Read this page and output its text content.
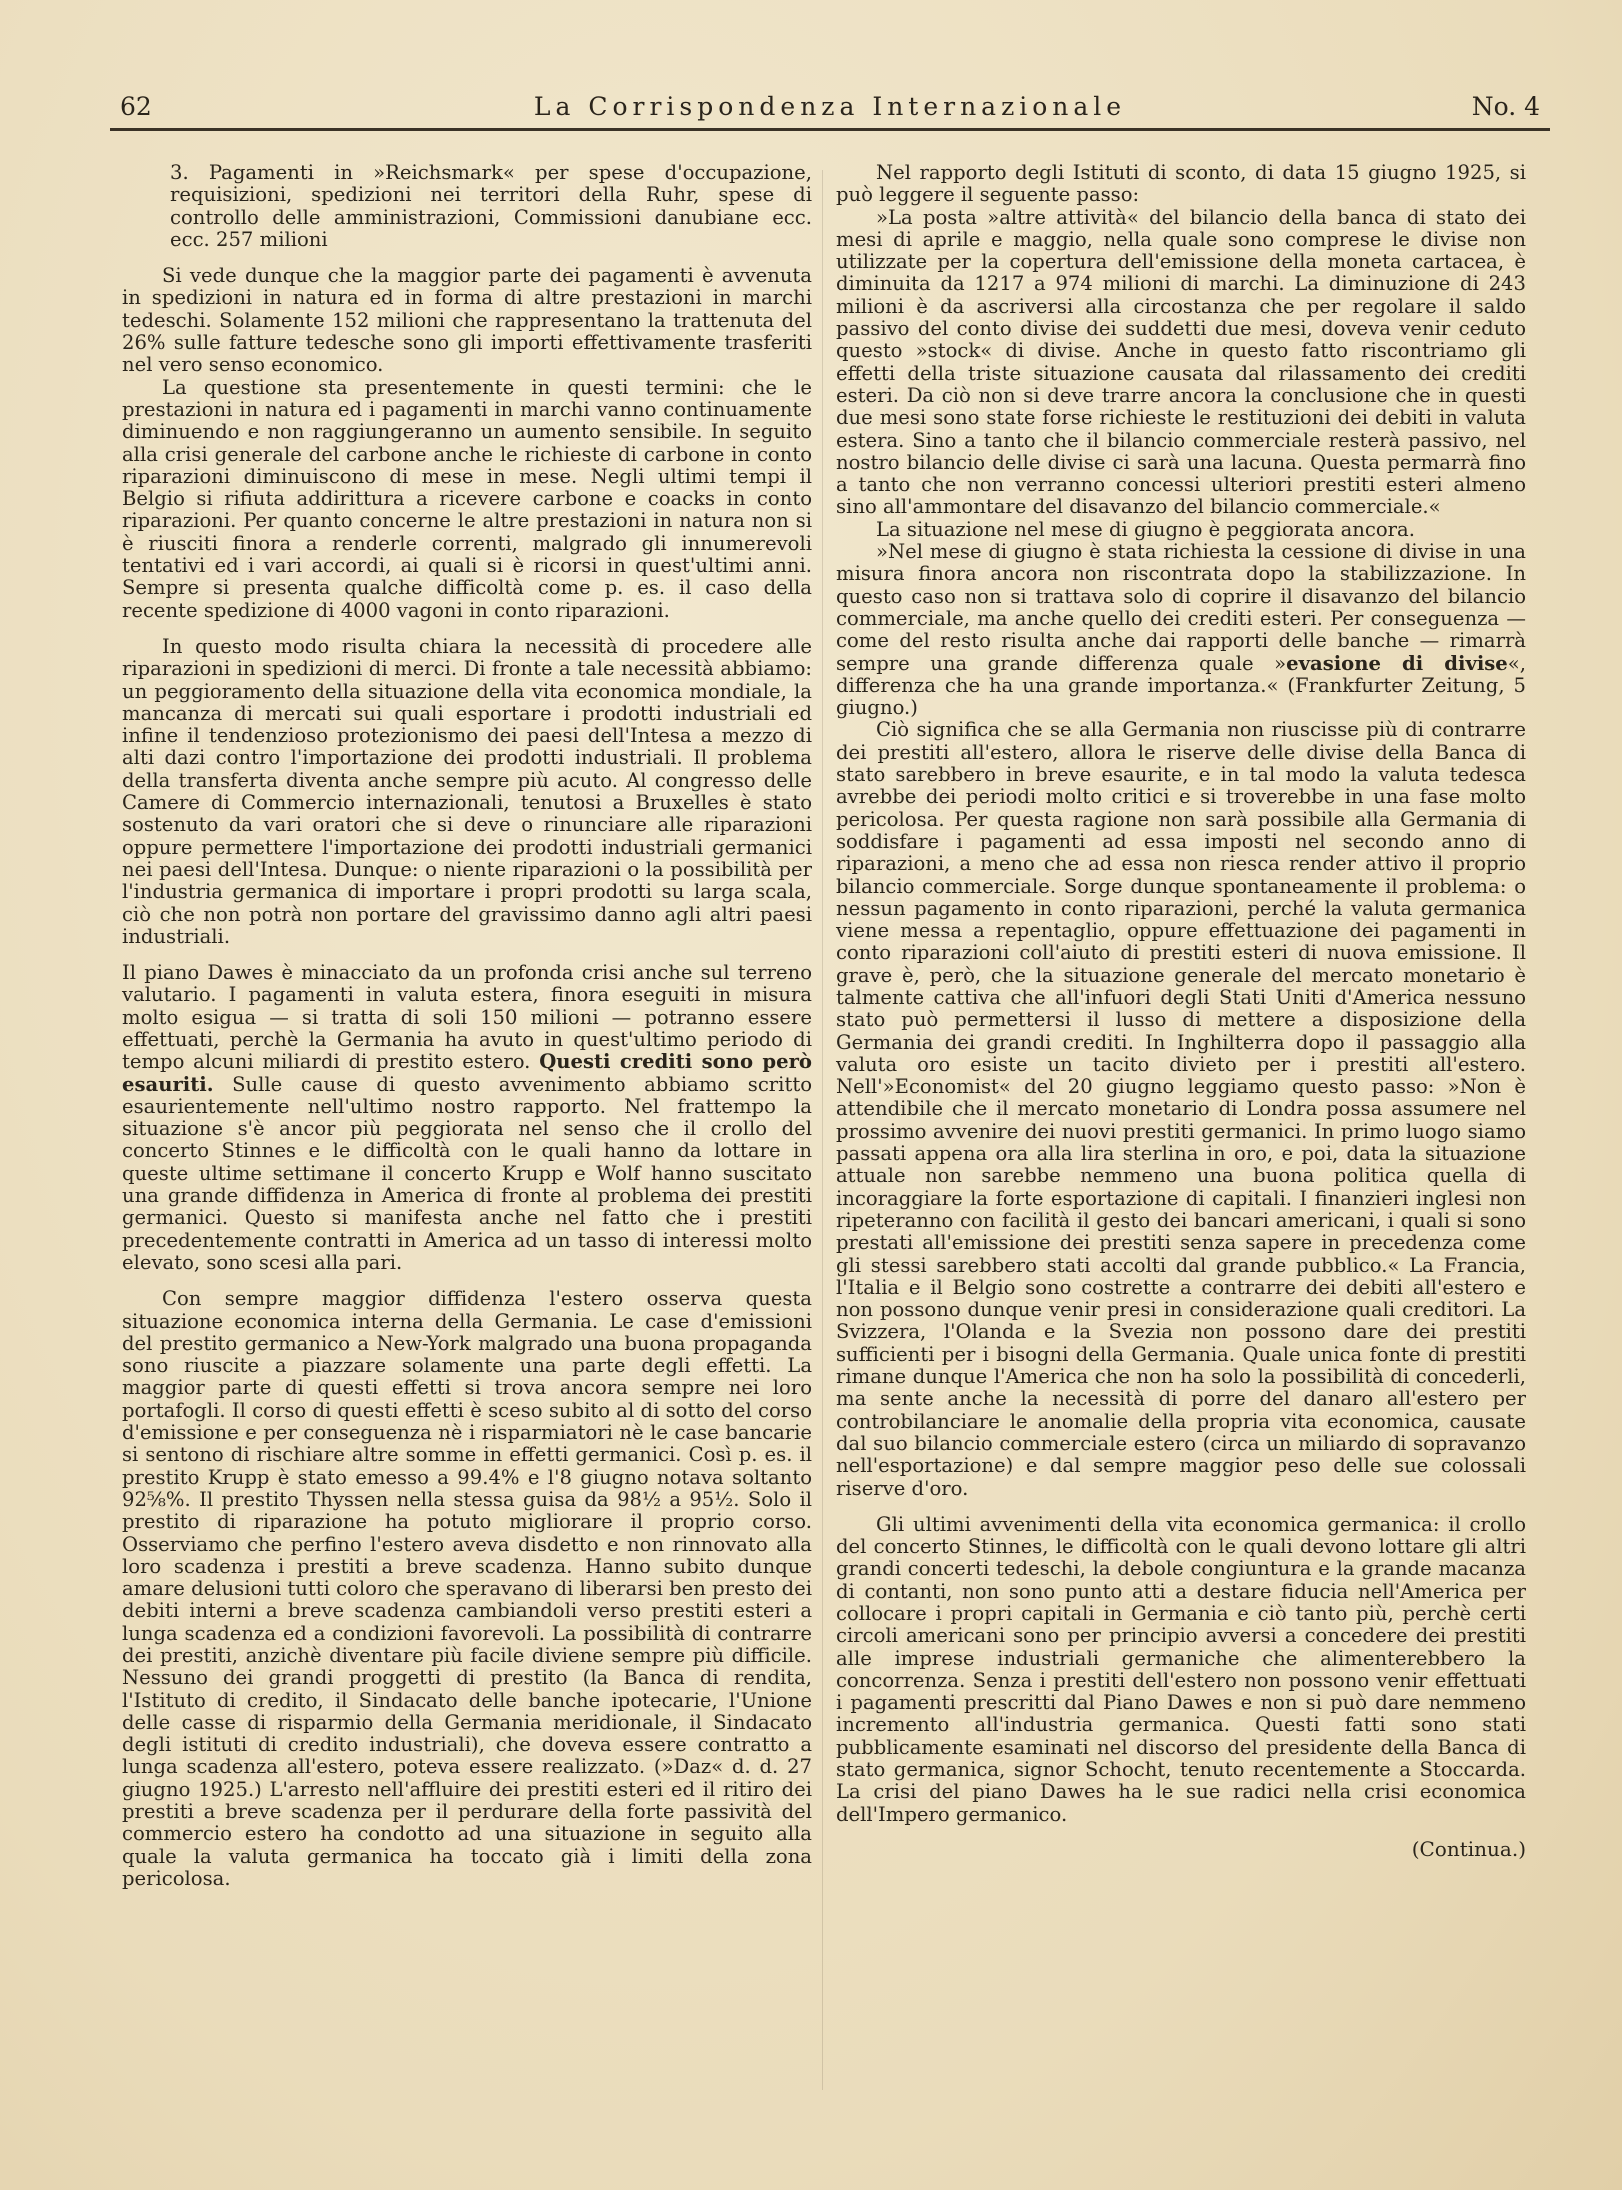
62	La Corrispondenza Internazionale	No. 4

3. Pagamenti in »Reichsmark« per spese d'occupazione, requisizioni, spedizioni nei territori della Ruhr, spese di controllo delle amministrazioni, Commissioni danubiane ecc. ecc. 257 milioni

Si vede dunque che la maggior parte dei pagamenti è avvenuta in spedizioni in natura ed in forma di altre prestazioni in marchi tedeschi. Solamente 152 milioni che rappresentano la trattenuta del 26% sulle fatture tedesche sono gli importi effettivamente trasferiti nel vero senso economico.

La questione sta presentemente in questi termini: che le prestazioni in natura ed i pagamenti in marchi vanno continuamente diminuendo e non raggiungeranno un aumento sensibile. In seguito alla crisi generale del carbone anche le richieste di carbone in conto riparazioni diminuiscono di mese in mese. Negli ultimi tempi il Belgio si rifiuta addirittura a ricevere carbone e coacks in conto riparazioni. Per quanto concerne le altre prestazioni in natura non si è riusciti finora a renderle correnti, malgrado gli innumerevoli tentativi ed i vari accordi, ai quali si è ricorsi in quest'ultimi anni. Sempre si presenta qualche difficoltà come p. es. il caso della recente spedizione di 4000 vagoni in conto riparazioni.

In questo modo risulta chiara la necessità di procedere alle riparazioni in spedizioni di merci. Di fronte a tale necessità abbiamo: un peggioramento della situazione della vita economica mondiale, la mancanza di mercati sui quali esportare i prodotti industriali ed infine il tendenzioso protezionismo dei paesi dell'Intesa a mezzo di alti dazi contro l'importazione dei prodotti industriali. Il problema della transferta diventa anche sempre più acuto. Al congresso delle Camere di Commercio internazionali, tenutosi a Bruxelles è stato sostenuto da vari oratori che si deve o rinunciare alle riparazioni oppure permettere l'importazione dei prodotti industriali germanici nei paesi dell'Intesa. Dunque: o niente riparazioni o la possibilità per l'industria germanica di importare i propri prodotti su larga scala, ciò che non potrà non portare del gravissimo danno agli altri paesi industriali.

Il piano Dawes è minacciato da un profonda crisi anche sul terreno valutario. I pagamenti in valuta estera, finora eseguiti in misura molto esigua — si tratta di soli 150 milioni — potranno essere effettuati, perchè la Germania ha avuto in quest'ultimo periodo di tempo alcuni miliardi di prestito estero. Questi crediti sono però esauriti. Sulle cause di questo avvenimento abbiamo scritto esaurientemente nell'ultimo nostro rapporto. Nel frattempo la situazione s'è ancor più peggiorata nel senso che il crollo del concerto Stinnes e le difficoltà con le quali hanno da lottare in queste ultime settimane il concerto Krupp e Wolf hanno suscitato una grande diffidenza in America di fronte al problema dei prestiti germanici. Questo si manifesta anche nel fatto che i prestiti precedentemente contratti in America ad un tasso di interessi molto elevato, sono scesi alla pari.

Con sempre maggior diffidenza l'estero osserva questa situazione economica interna della Germania. Le case d'emissioni del prestito germanico a New-York malgrado una buona propaganda sono riuscite a piazzare solamente una parte degli effetti. La maggior parte di questi effetti si trova ancora sempre nei loro portafogli. Il corso di questi effetti è sceso subito al di sotto del corso d'emissione e per conseguenza nè i risparmiatori nè le case bancarie si sentono di rischiare altre somme in effetti germanici. Così p. es. il prestito Krupp è stato emesso a 99.4% e l'8 giugno notava soltanto 92⅝%. Il prestito Thyssen nella stessa guisa da 98½ a 95½. Solo il prestito di riparazione ha potuto migliorare il proprio corso. Osserviamo che perfino l'estero aveva disdetto e non rinnovato alla loro scadenza i prestiti a breve scadenza. Hanno subito dunque amare delusioni tutti coloro che speravano di liberarsi ben presto dei debiti interni a breve scadenza cambiandoli verso prestiti esteri a lunga scadenza ed a condizioni favorevoli. La possibilità di contrarre dei prestiti, anzichè diventare più facile diviene sempre più difficile. Nessuno dei grandi proggetti di prestito (la Banca di rendita, l'Istituto di credito, il Sindacato delle banche ipotecarie, l'Unione delle casse di risparmio della Germania meridionale, il Sindacato degli istituti di credito industriali), che doveva essere contratto a lunga scadenza all'estero, poteva essere realizzato. (»Daz« d. d. 27 giugno 1925.) L'arresto nell'affluire dei prestiti esteri ed il ritiro dei prestiti a breve scadenza per il perdurare della forte passività del commercio estero ha condotto ad una situazione in seguito alla quale la valuta germanica ha toccato già i limiti della zona pericolosa.

Nel rapporto degli Istituti di sconto, di data 15 giugno 1925, si può leggere il seguente passo:

»La posta »altre attività« del bilancio della banca di stato dei mesi di aprile e maggio, nella quale sono comprese le divise non utilizzate per la copertura dell'emissione della moneta cartacea, è diminuita da 1217 a 974 milioni di marchi. La diminuzione di 243 milioni è da ascriversi alla circostanza che per regolare il saldo passivo del conto divise dei suddetti due mesi, doveva venir ceduto questo »stock« di divise. Anche in questo fatto riscontriamo gli effetti della triste situazione causata dal rilassamento dei crediti esteri. Da ciò non si deve trarre ancora la conclusione che in questi due mesi sono state forse richieste le restituzioni dei debiti in valuta estera. Sino a tanto che il bilancio commerciale resterà passivo, nel nostro bilancio delle divise ci sarà una lacuna. Questa permarrà fino a tanto che non verranno concessi ulteriori prestiti esteri almeno sino all'ammontare del disavanzo del bilancio commerciale.«

La situazione nel mese di giugno è peggiorata ancora.

»Nel mese di giugno è stata richiesta la cessione di divise in una misura finora ancora non riscontrata dopo la stabilizzazione. In questo caso non si trattava solo di coprire il disavanzo del bilancio commerciale, ma anche quello dei crediti esteri. Per conseguenza — come del resto risulta anche dai rapporti delle banche — rimarrà sempre una grande differenza quale »evasione di divise«, differenza che ha una grande importanza.« (Frankfurter Zeitung, 5 giugno.)

Ciò significa che se alla Germania non riuscisse più di contrarre dei prestiti all'estero, allora le riserve delle divise della Banca di stato sarebbero in breve esaurite, e in tal modo la valuta tedesca avrebbe dei periodi molto critici e si troverebbe in una fase molto pericolosa. Per questa ragione non sarà possibile alla Germania di soddisfare i pagamenti ad essa imposti nel secondo anno di riparazioni, a meno che ad essa non riesca render attivo il proprio bilancio commerciale. Sorge dunque spontaneamente il problema: o nessun pagamento in conto riparazioni, perché la valuta germanica viene messa a repentaglio, oppure effettuazione dei pagamenti in conto riparazioni coll'aiuto di prestiti esteri di nuova emissione. Il grave è, però, che la situazione generale del mercato monetario è talmente cattiva che all'infuori degli Stati Uniti d'America nessuno stato può permettersi il lusso di mettere a disposizione della Germania dei grandi crediti. In Inghilterra dopo il passaggio alla valuta oro esiste un tacito divieto per i prestiti all'estero. Nell'»Economist« del 20 giugno leggiamo questo passo: »Non è attendibile che il mercato monetario di Londra possa assumere nel prossimo avvenire dei nuovi prestiti germanici. In primo luogo siamo passati appena ora alla lira sterlina in oro, e poi, data la situazione attuale non sarebbe nemmeno una buona politica quella di incoraggiare la forte esportazione di capitali. I finanzieri inglesi non ripeteranno con facilità il gesto dei bancari americani, i quali si sono prestati all'emissione dei prestiti senza sapere in precedenza come gli stessi sarebbero stati accolti dal grande pubblico.« La Francia, l'Italia e il Belgio sono costrette a contrarre dei debiti all'estero e non possono dunque venir presi in considerazione quali creditori. La Svizzera, l'Olanda e la Svezia non possono dare dei prestiti sufficienti per i bisogni della Germania. Quale unica fonte di prestiti rimane dunque l'America che non ha solo la possibilità di concederli, ma sente anche la necessità di porre del danaro all'estero per controbilanciare le anomalie della propria vita economica, causate dal suo bilancio commerciale estero (circa un miliardo di sopravanzo nell'esportazione) e dal sempre maggior peso delle sue colossali riserve d'oro.

Gli ultimi avvenimenti della vita economica germanica: il crollo del concerto Stinnes, le difficoltà con le quali devono lottare gli altri grandi concerti tedeschi, la debole congiuntura e la grande macanza di contanti, non sono punto atti a destare fiducia nell'America per collocare i propri capitali in Germania e ciò tanto più, perchè certi circoli americani sono per principio avversi a concedere dei prestiti alle imprese industriali germaniche che alimenterebbero la concorrenza. Senza i prestiti dell'estero non possono venir effettuati i pagamenti prescritti dal Piano Dawes e non si può dare nemmeno incremento all'industria germanica. Questi fatti sono stati pubblicamente esaminati nel discorso del presidente della Banca di stato germanica, signor Schocht, tenuto recentemente a Stoccarda. La crisi del piano Dawes ha le sue radici nella crisi economica dell'Impero germanico.

(Continua.)
